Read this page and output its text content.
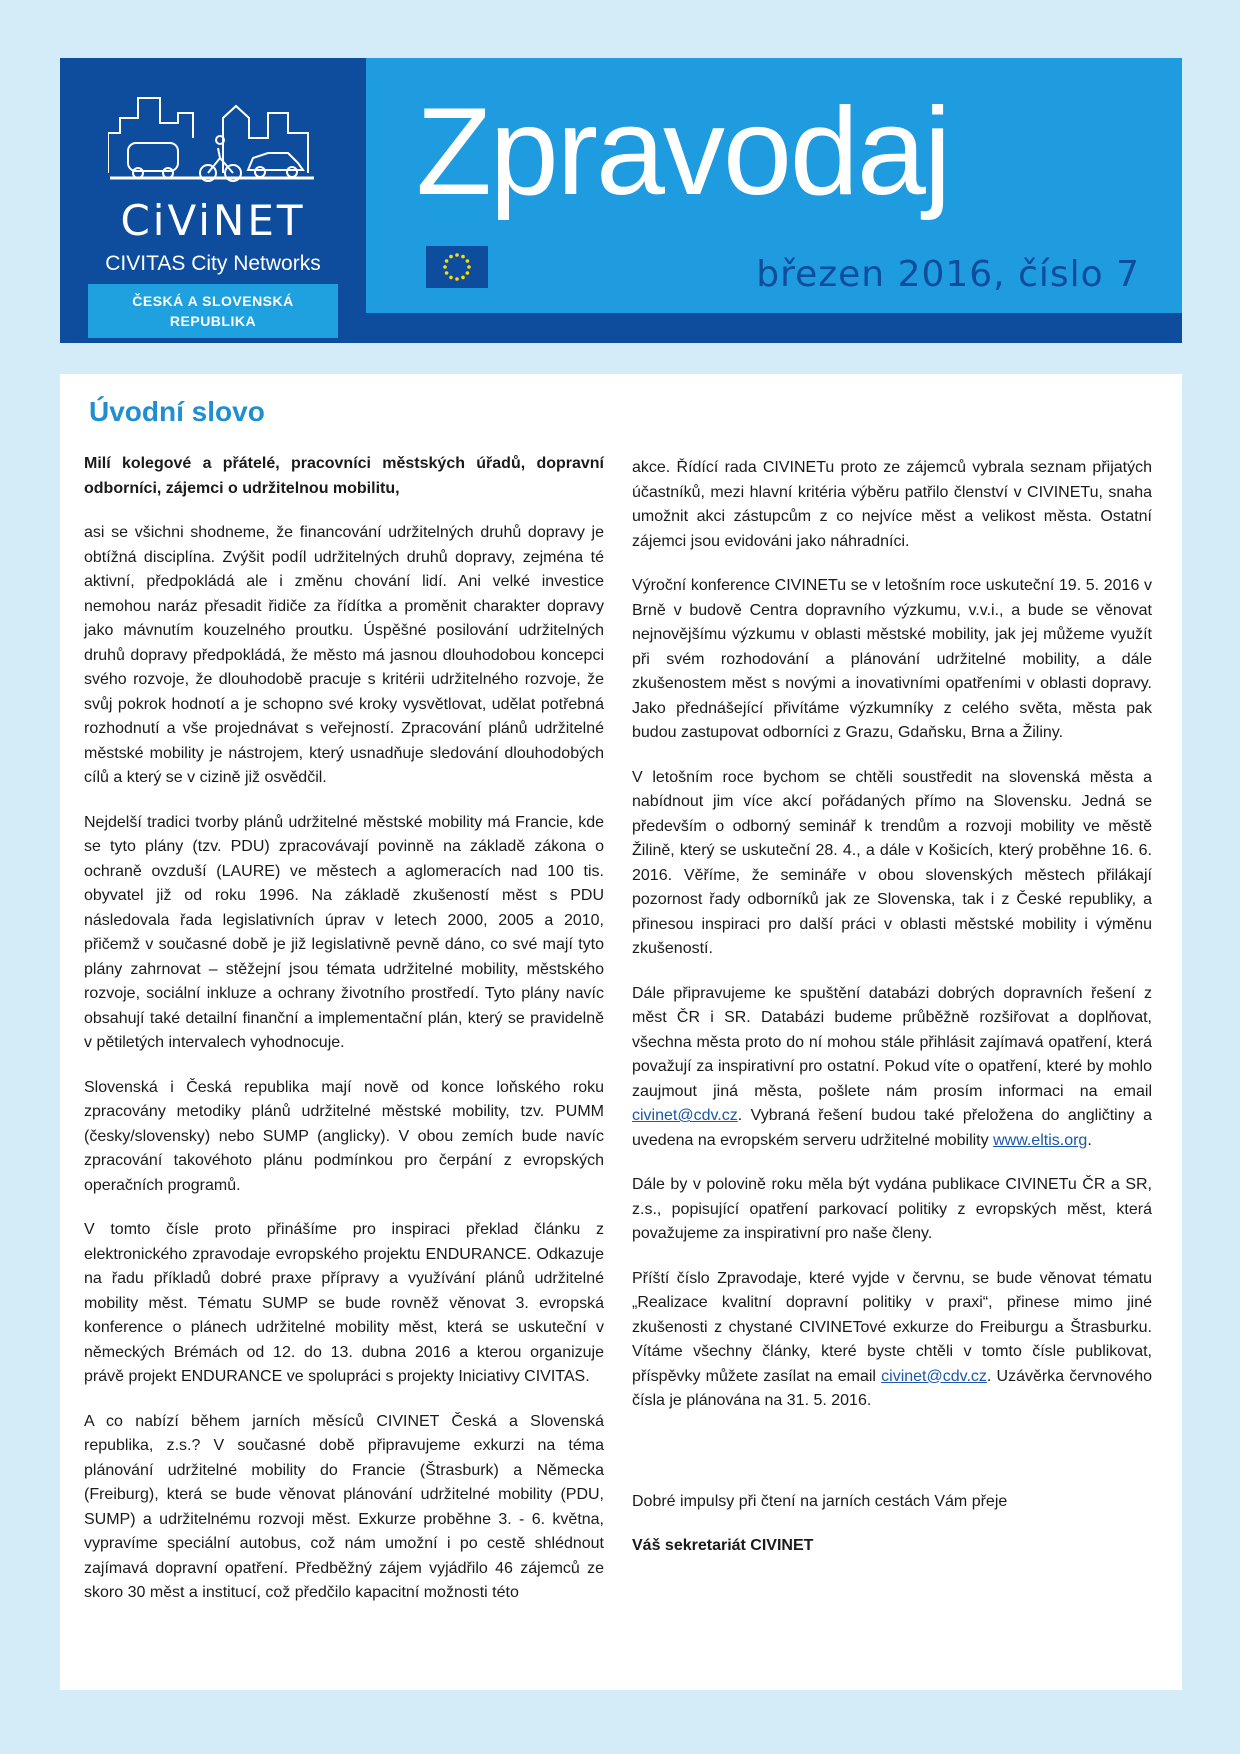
CiViNET
CIVITAS City Networks
ČESKÁ A SLOVENSKÁ
REPUBLIKA
Zpravodaj
březen 2016, číslo 7
Úvodní slovo

Milí kolegové a přátelé, pracovníci městských úřadů, dopravní odborníci, zájemci o udržitelnou mobilitu,

asi se všichni shodneme, že financování udržitelných druhů dopravy je obtížná disciplína. Zvýšit podíl udržitelných druhů dopravy, zejména té aktivní, předpokládá ale i změnu chování lidí. Ani velké investice nemohou naráz přesadit řidiče za řídítka a proměnit charakter dopravy jako mávnutím kouzelného proutku. Úspěšné posilování udržitelných druhů dopravy předpokládá, že město má jasnou dlouhodobou koncepci svého rozvoje, že dlouhodobě pracuje s kritérii udržitelného rozvoje, že svůj pokrok hodnotí a je schopno své kroky vysvětlovat, udělat potřebná rozhodnutí a vše projednávat s veřejností. Zpracování plánů udržitelné městské mobility je nástrojem, který usnadňuje sledování dlouhodobých cílů a který se v cizině již osvědčil.

Nejdelší tradici tvorby plánů udržitelné městské mobility má Francie, kde se tyto plány (tzv. PDU) zpracovávají povinně na základě zákona o ochraně ovzduší (LAURE) ve městech a aglomeracích nad 100 tis. obyvatel již od roku 1996. Na základě zkušeností měst s PDU následovala řada legislativních úprav v letech 2000, 2005 a 2010, přičemž v současné době je již legislativně pevně dáno, co své mají tyto plány zahrnovat – stěžejní jsou témata udržitelné mobility, městského rozvoje, sociální inkluze a ochrany životního prostředí. Tyto plány navíc obsahují také detailní finanční a implementační plán, který se pravidelně v pětiletých intervalech vyhodnocuje.

Slovenská i Česká republika mají nově od konce loňského roku zpracovány metodiky plánů udržitelné městské mobility, tzv. PUMM (česky/slovensky) nebo SUMP (anglicky). V obou zemích bude navíc zpracování takovéhoto plánu podmínkou pro čerpání z evropských operačních programů.

V tomto čísle proto přinášíme pro inspiraci překlad článku z elektronického zpravodaje evropského projektu ENDURANCE. Odkazuje na řadu příkladů dobré praxe přípravy a využívání plánů udržitelné mobility měst. Tématu SUMP se bude rovněž věnovat 3. evropská konference o plánech udržitelné mobility měst, která se uskuteční v německých Brémách od 12. do 13. dubna 2016 a kterou organizuje právě projekt ENDURANCE ve spolupráci s projekty Iniciativy CIVITAS.

A co nabízí během jarních měsíců CIVINET Česká a Slovenská republika, z.s.? V současné době připravujeme exkurzi na téma plánování udržitelné mobility do Francie (Štrasburk) a Německa (Freiburg), která se bude věnovat plánování udržitelné mobility (PDU, SUMP) a udržitelnému rozvoji měst. Exkurze proběhne 3. - 6. května, vypravíme speciální autobus, což nám umožní i po cestě shlédnout zajímavá dopravní opatření. Předběžný zájem vyjádřilo 46 zájemců ze skoro 30 měst a institucí, což předčilo kapacitní možnosti této

akce. Řídící rada CIVINETu proto ze zájemců vybrala seznam přijatých účastníků, mezi hlavní kritéria výběru patřilo členství v CIVINETu, snaha umožnit akci zástupcům z co nejvíce měst a velikost města. Ostatní zájemci jsou evidováni jako náhradníci.

Výroční konference CIVINETu se v letošním roce uskuteční 19. 5. 2016 v Brně v budově Centra dopravního výzkumu, v.v.i., a bude se věnovat nejnovějšímu výzkumu v oblasti městské mobility, jak jej můžeme využít při svém rozhodování a plánování udržitelné mobility, a dále zkušenostem měst s novými a inovativními opatřeními v oblasti dopravy. Jako přednášející přivítáme výzkumníky z celého světa, města pak budou zastupovat odborníci z Grazu, Gdaňsku, Brna a Žiliny.

V letošním roce bychom se chtěli soustředit na slovenská města a nabídnout jim více akcí pořádaných přímo na Slovensku. Jedná se především o odborný seminář k trendům a rozvoji mobility ve městě Žilině, který se uskuteční 28. 4., a dále v Košicích, který proběhne 16. 6. 2016. Věříme, že semináře v obou slovenských městech přilákají pozornost řady odborníků jak ze Slovenska, tak i z České republiky, a přinesou inspiraci pro další práci v oblasti městské mobility i výměnu zkušeností.

Dále připravujeme ke spuštění databázi dobrých dopravních řešení z měst ČR i SR. Databázi budeme průběžně rozšiřovat a doplňovat, všechna města proto do ní mohou stále přihlásit zajímavá opatření, která považují za inspirativní pro ostatní. Pokud víte o opatření, které by mohlo zaujmout jiná města, pošlete nám prosím informaci na email civinet@cdv.cz. Vybraná řešení budou také přeložena do angličtiny a uvedena na evropském serveru udržitelné mobility www.eltis.org.

Dále by v polovině roku měla být vydána publikace CIVINETu ČR a SR, z.s., popisující opatření parkovací politiky z evropských měst, která považujeme za inspirativní pro naše členy.

Příští číslo Zpravodaje, které vyjde v červnu, se bude věnovat tématu „Realizace kvalitní dopravní politiky v praxi“, přinese mimo jiné zkušenosti z chystané CIVINETové exkurze do Freiburgu a Štrasburku. Vítáme všechny články, které byste chtěli v tomto čísle publikovat, příspěvky můžete zasílat na email civinet@cdv.cz. Uzávěrka červnového čísla je plánována na 31. 5. 2016.

Dobré impulsy při čtení na jarních cestách Vám přeje

Váš sekretariát CIVINET
